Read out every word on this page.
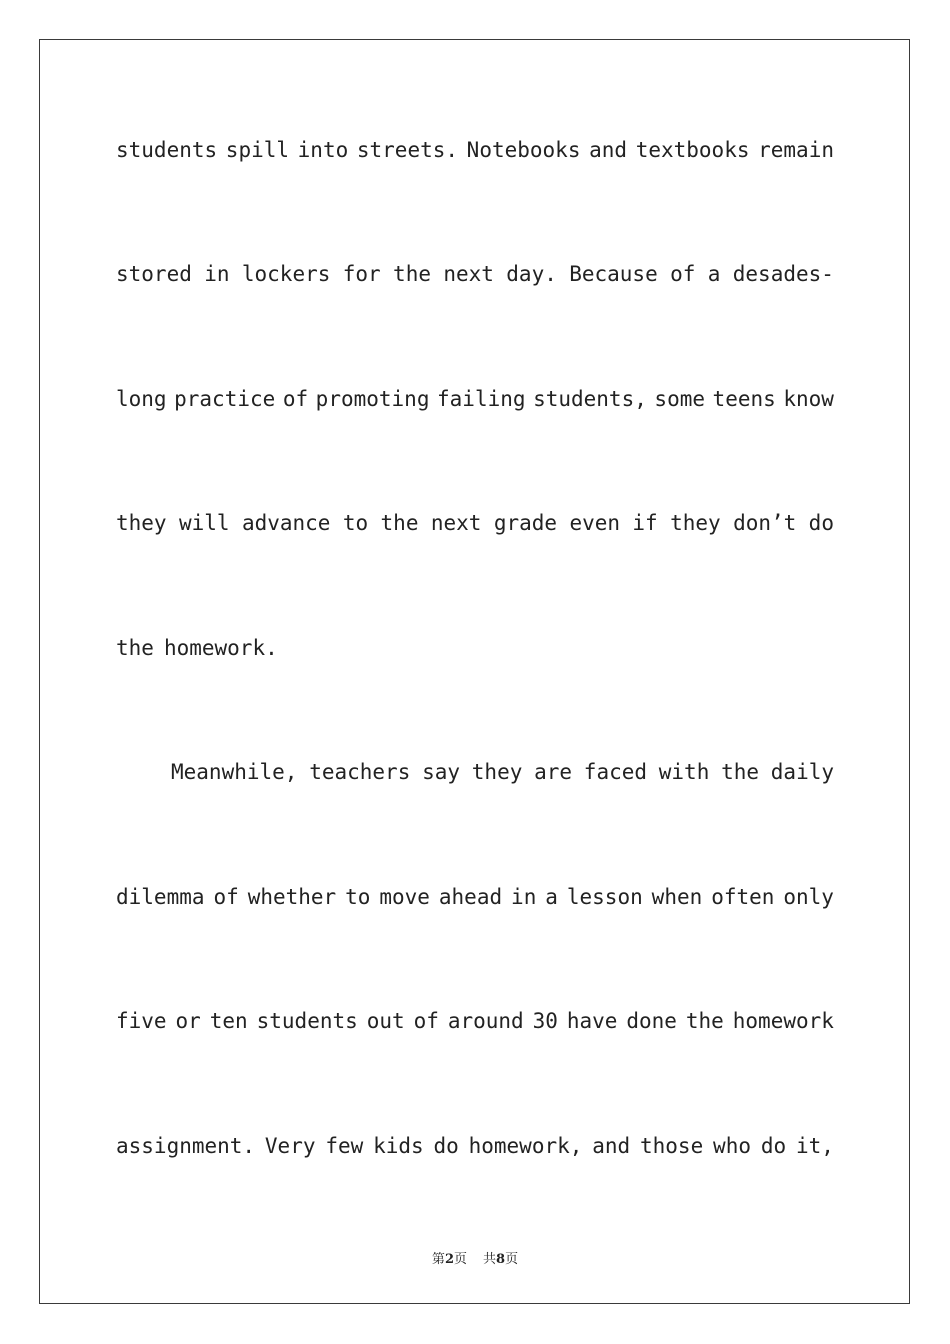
students spill into streets. Notebooks and textbooks remain
stored in lockers for the next day. Because of a desades-
long practice of promoting failing students, some teens know
they will advance to the next grade even if they don’t do
the homework.
Meanwhile, teachers say they are faced with the daily
dilemma of whether to move ahead in a lesson when often only
five or ten students out of around 30 have done the homework
assignment. Very few kids do homework, and those who do it,
第2页 共8页
